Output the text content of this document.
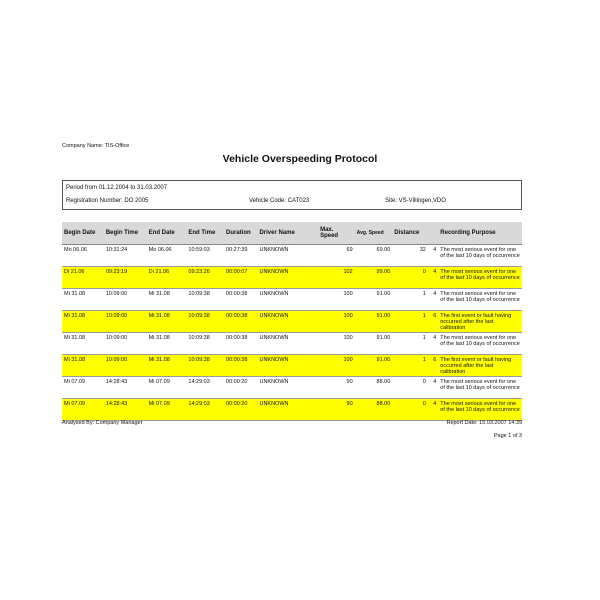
Company Name: TIS-Office
Vehicle Overspeeding Protocol
Period from 01.12.2004 to 31.03.2007
Registration Number: DO 2005	Vehicle Code: CAT023	Site: VS-Villingen,VDO
Begin Date	Begin Time	End Date	End Time	Duration	Driver Name	Max. Speed	Avg. Speed	Distance		Recording Purpose
Mo 06.06	10:31:24	Mo 06.06	10:59:03	00:27:39	UNKNOWN	69	69.00	32	4	The most serious event for one of the last 10 days of occurrence
Di 21.06	09:23:19	Di 21.06	09:23:26	00:00:07	UNKNOWN	102	99.00	0	4	The most serious event for one of the last 10 days of occurrence
Mi 31.08	10:09:00	Mi 31.08	10:09:38	00:00:38	UNKNOWN	100	91.00	1	4	The most serious event for one of the last 10 days of occurrence
Mi 31.08	10:09:00	Mi 31.08	10:09:38	00:00:38	UNKNOWN	100	91.00	1	6	The first event or fault having occurred after the last calibration
Mi 31.08	10:09:00	Mi 31.08	10:09:38	00:00:38	UNKNOWN	100	91.00	1	4	The most serious event for one of the last 10 days of occurrence
Mi 31.08	10:09:00	Mi 31.08	10:09:38	00:00:38	UNKNOWN	100	91.00	1	6	The first event or fault having occurred after the last calibration
Mi 07.09	14:28:43	Mi 07.09	14:29:03	00:00:20	UNKNOWN	90	88.00	0	4	The most serious event for one of the last 10 days of occurrence
Mi 07.09	14:28:43	Mi 07.09	14:29:03	00:00:20	UNKNOWN	90	88.00	0	4	The most serious event for one of the last 10 days of occurrence
Analysed By: Company Manager	Report Date: 15.03.2007 14:39
Page 1 of 3
